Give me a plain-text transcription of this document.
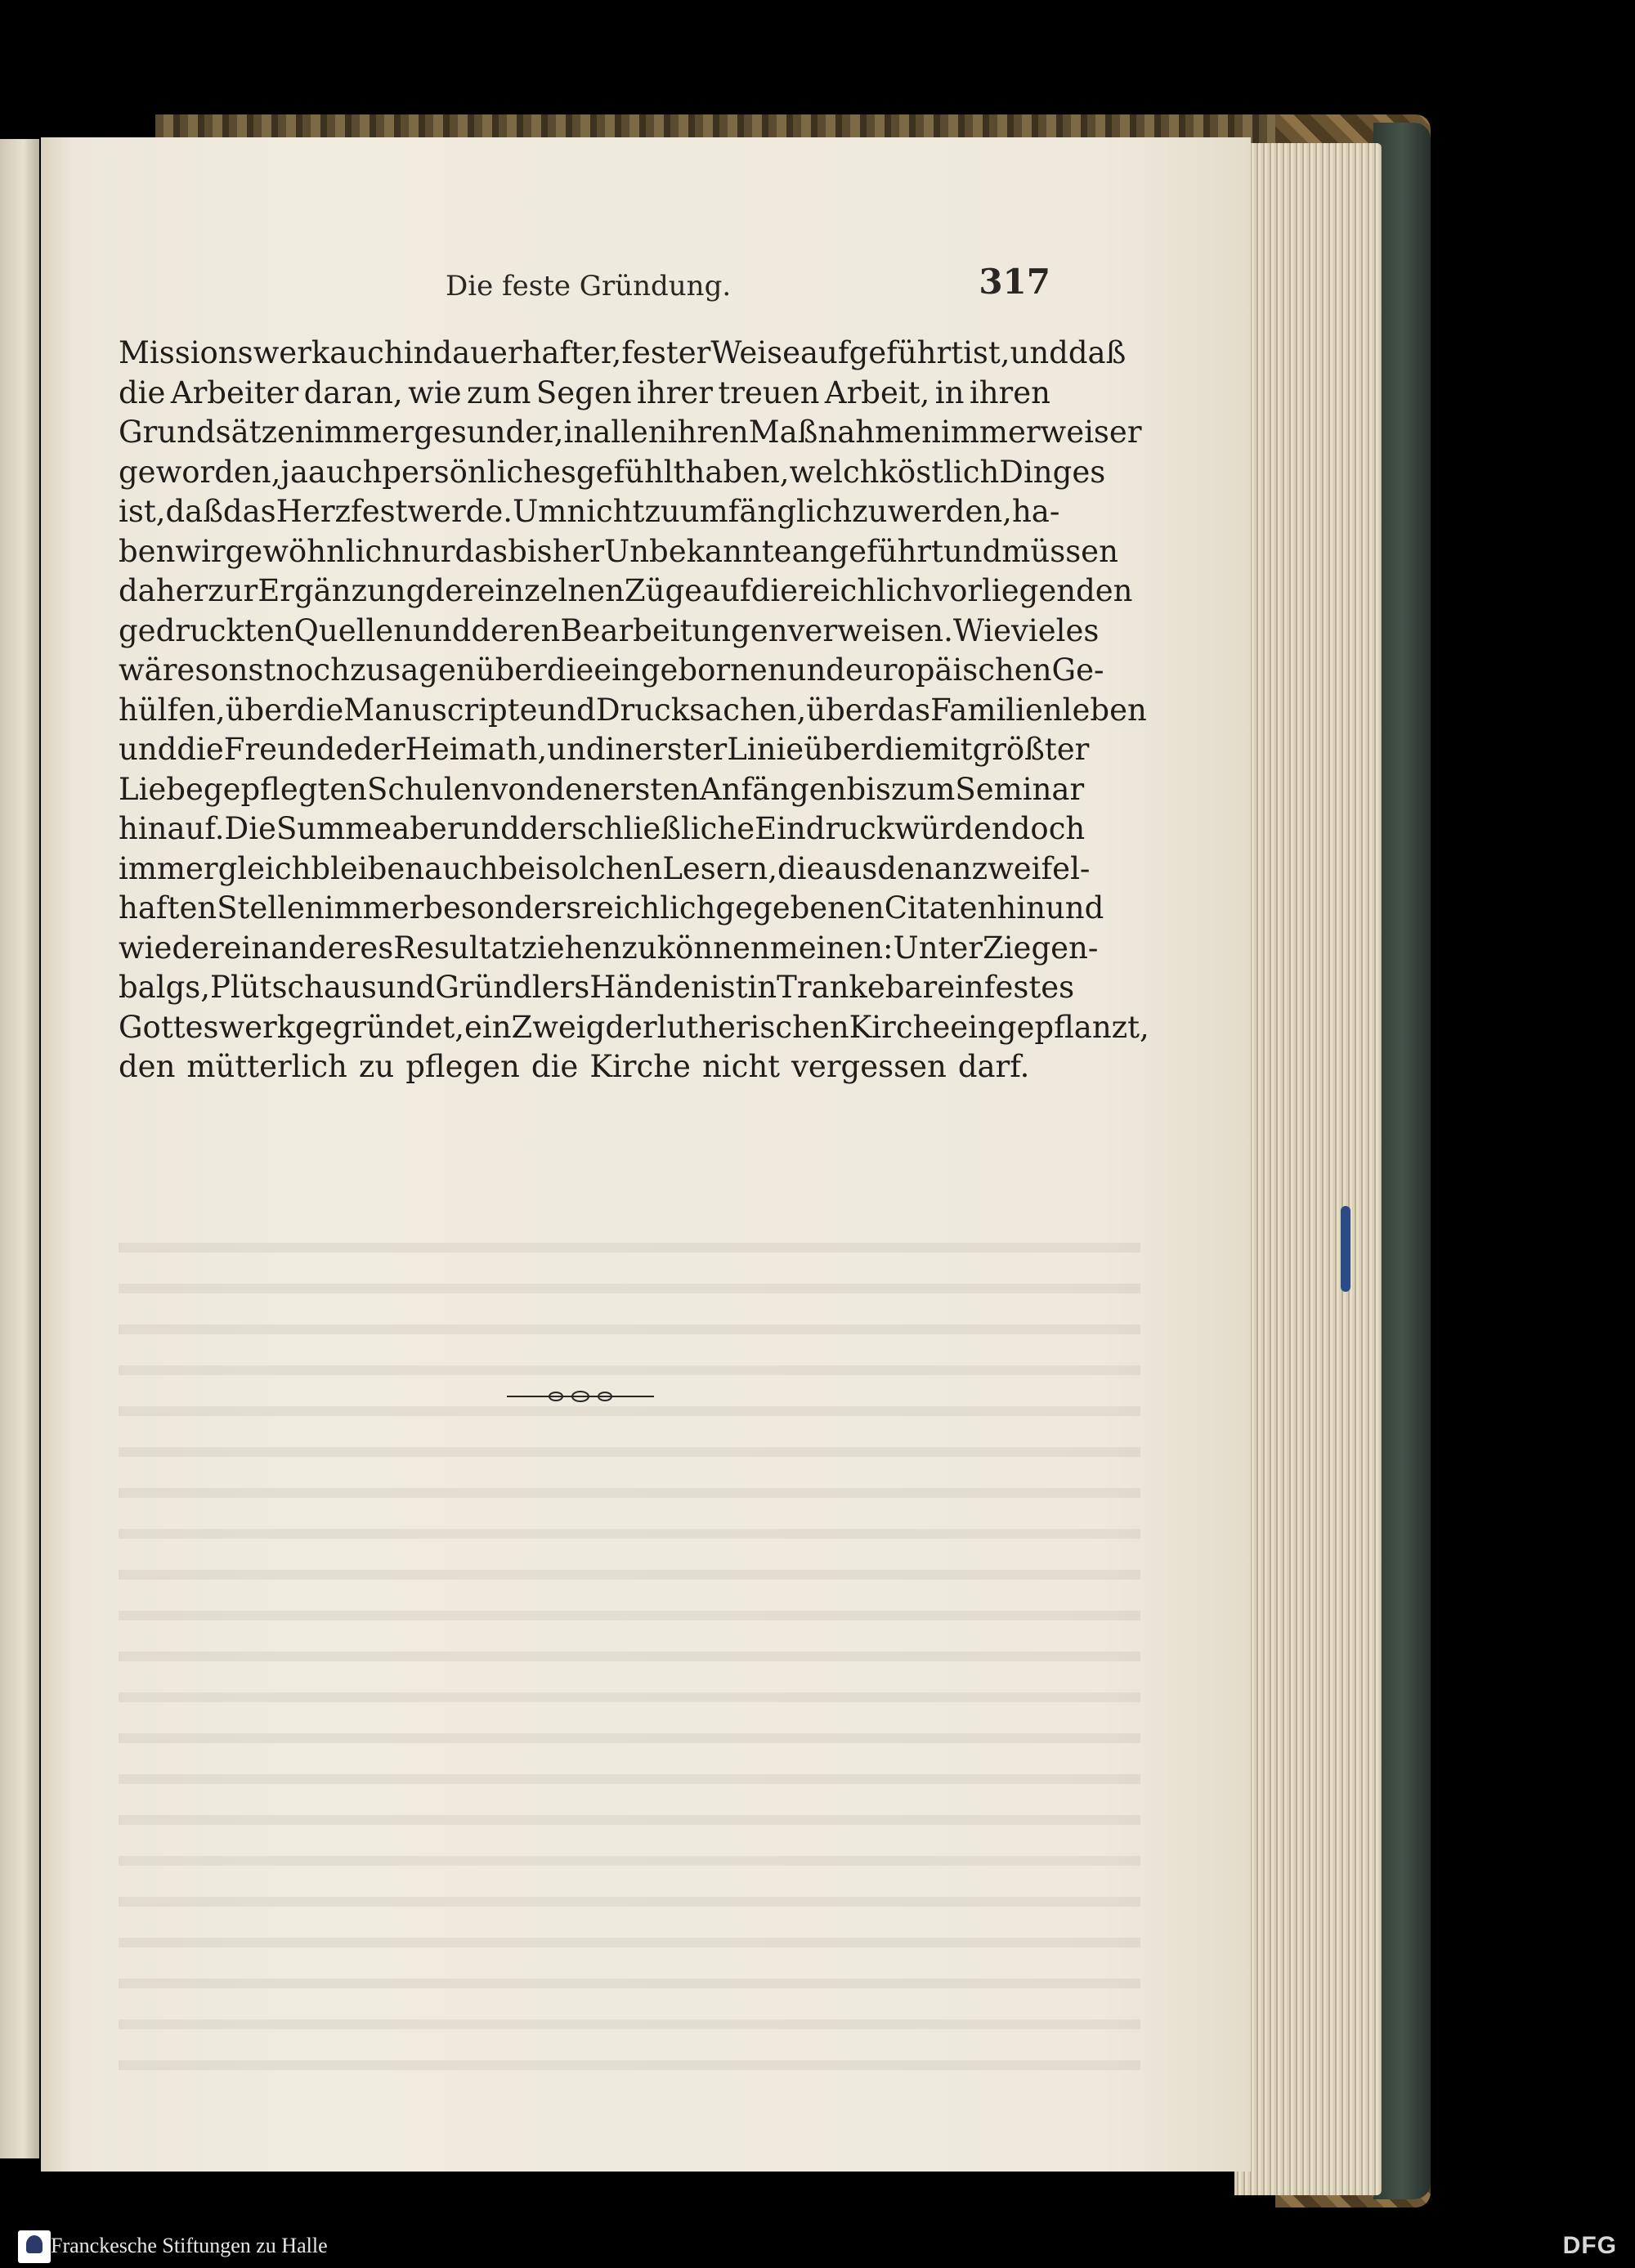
Die feste Gründung.	317
Missionswerk auch in dauerhafter, fester Weise aufgeführt ist, und daß
die Arbeiter daran, wie zum Segen ihrer treuen Arbeit, in ihren
Grundsätzen immer gesunder, in allen ihren Maßnahmen immer weiser
geworden, ja auch persönlich es gefühlt haben, welch köstlich Ding es
ist, daß das Herz fest werde. Um nicht zu umfänglich zu werden, ha-
ben wir gewöhnlich nur das bisher Unbekannte angeführt und müssen
daher zur Ergänzung der einzelnen Züge auf die reichlich vorliegenden
gedruckten Quellen und deren Bearbeitungen verweisen. Wie vieles
wäre sonst noch zu sagen über die eingebornen und europäischen Ge-
hülfen, über die Manuscripte und Drucksachen, über das Familienleben
und die Freunde der Heimath, und in erster Linie über die mit größter
Liebe gepflegten Schulen von den ersten Anfängen bis zum Seminar
hinauf. Die Summe aber und der schließliche Eindruck würden doch
immer gleich bleiben auch bei solchen Lesern, die aus den an zweifel-
haften Stellen immer besonders reichlich gegebenen Citaten hin und
wieder ein anderes Resultat ziehen zu können meinen: Unter Ziegen-
balgs, Plütschaus und Gründlers Händen ist in Trankebar ein festes
Gotteswerk gegründet, ein Zweig der lutherischen Kirche eingepflanzt,
den mütterlich zu pflegen die Kirche nicht vergessen darf.
Franckesche Stiftungen zu Halle	DFG
